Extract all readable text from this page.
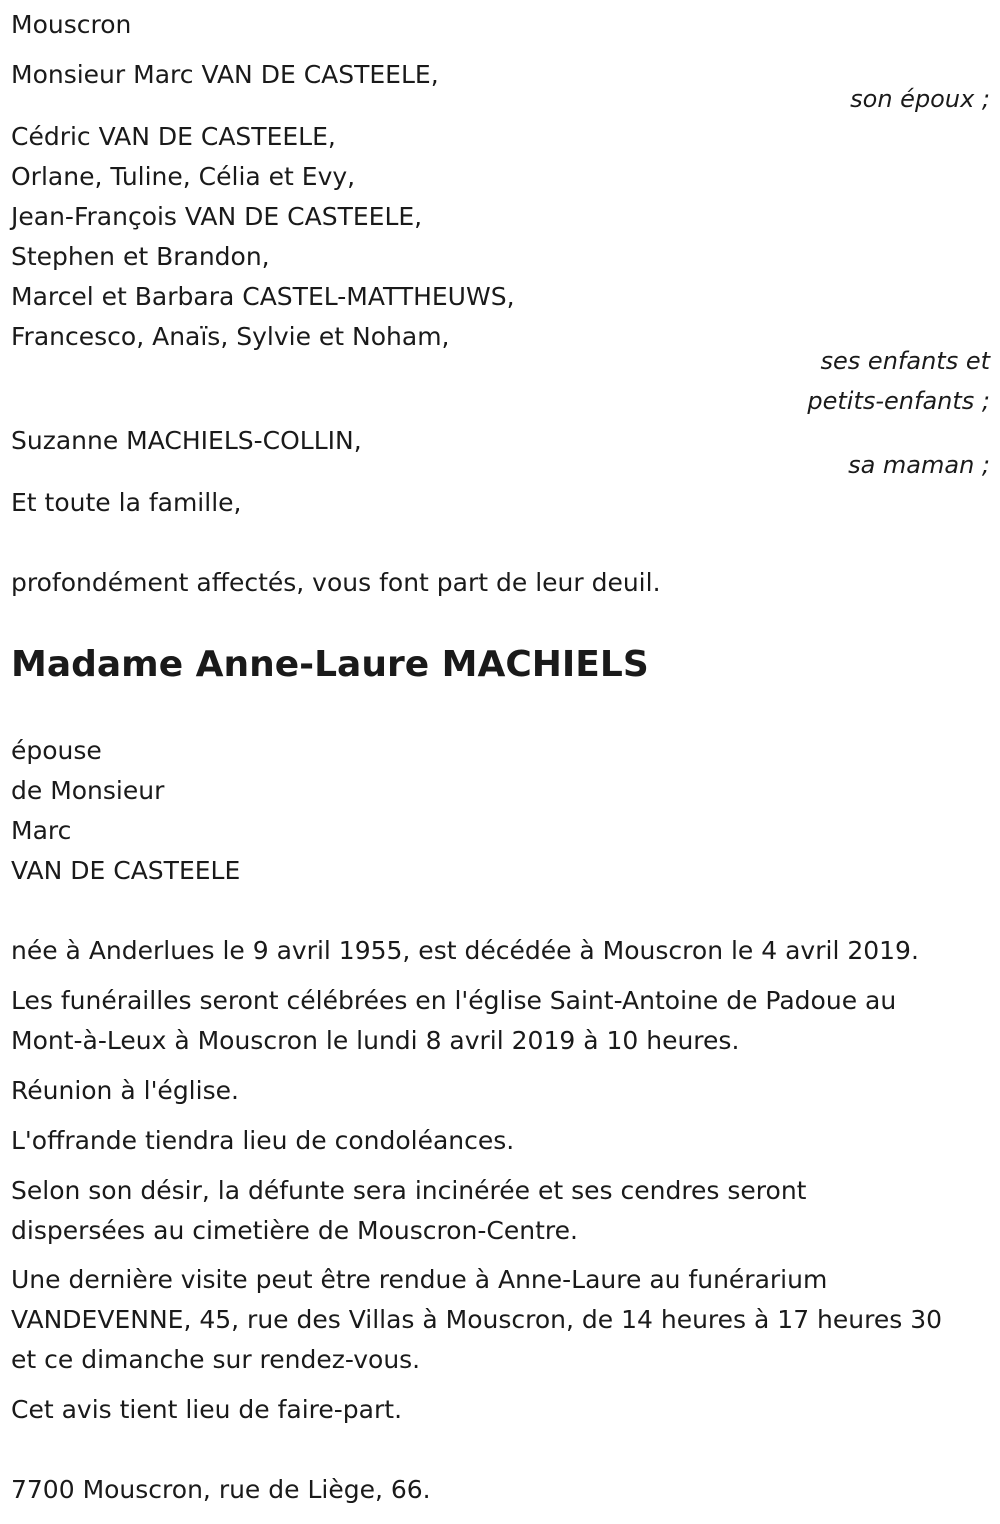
Mouscron
Monsieur Marc VAN DE CASTEELE,
son époux ;
Cédric VAN DE CASTEELE,
Orlane, Tuline, Célia et Evy,
Jean-François VAN DE CASTEELE,
Stephen et Brandon,
Marcel et Barbara CASTEL-MATTHEUWS,
Francesco, Anaïs, Sylvie et Noham,
ses enfants et
petits-enfants ;
Suzanne MACHIELS-COLLIN,
sa maman ;
Et toute la famille,
profondément affectés, vous font part de leur deuil.
Madame Anne-Laure MACHIELS
épouse
de Monsieur
Marc
VAN DE CASTEELE
née à Anderlues le 9 avril 1955, est décédée à Mouscron le 4 avril 2019.
Les funérailles seront célébrées en l'église Saint-Antoine de Padoue au
Mont-à-Leux à Mouscron le lundi 8 avril 2019 à 10 heures.
Réunion à l'église.
L'offrande tiendra lieu de condoléances.
Selon son désir, la défunte sera incinérée et ses cendres seront
dispersées au cimetière de Mouscron-Centre.
Une dernière visite peut être rendue à Anne-Laure au funérarium
VANDEVENNE, 45, rue des Villas à Mouscron, de 14 heures à 17 heures 30
et ce dimanche sur rendez-vous.
Cet avis tient lieu de faire-part.
7700 Mouscron, rue de Liège, 66.
